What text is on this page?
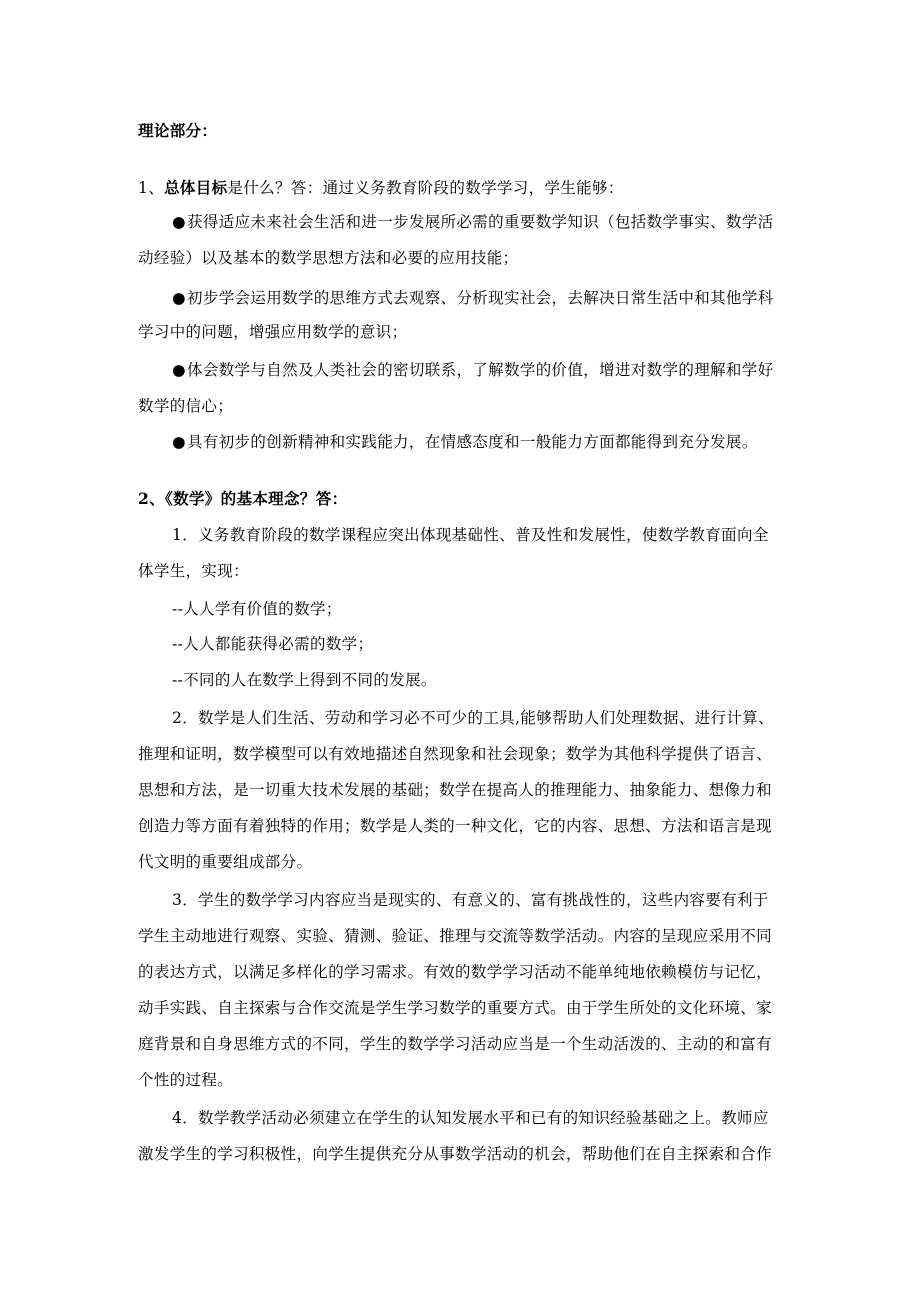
理论部分：
1、总体目标是什么？答：通过义务教育阶段的数学学习，学生能够：
●获得适应未来社会生活和进一步发展所必需的重要数学知识（包括数学事实、数学活
动经验）以及基本的数学思想方法和必要的应用技能；
●初步学会运用数学的思维方式去观察、分析现实社会，去解决日常生活中和其他学科
学习中的问题，增强应用数学的意识；
●体会数学与自然及人类社会的密切联系，了解数学的价值，增进对数学的理解和学好
数学的信心；
●具有初步的创新精神和实践能力，在情感态度和一般能力方面都能得到充分发展。
2、《数学》的基本理念？答：
1．义务教育阶段的数学课程应突出体现基础性、普及性和发展性，使数学教育面向全
体学生，实现：
--人人学有价值的数学；
--人人都能获得必需的数学；
--不同的人在数学上得到不同的发展。
2．数学是人们生活、劳动和学习必不可少的工具,能够帮助人们处理数据、进行计算、
推理和证明，数学模型可以有效地描述自然现象和社会现象；数学为其他科学提供了语言、
思想和方法，是一切重大技术发展的基础；数学在提高人的推理能力、抽象能力、想像力和
创造力等方面有着独特的作用；数学是人类的一种文化，它的内容、思想、方法和语言是现
代文明的重要组成部分。
3．学生的数学学习内容应当是现实的、有意义的、富有挑战性的，这些内容要有利于
学生主动地进行观察、实验、猜测、验证、推理与交流等数学活动。内容的呈现应采用不同
的表达方式，以满足多样化的学习需求。有效的数学学习活动不能单纯地依赖模仿与记忆，
动手实践、自主探索与合作交流是学生学习数学的重要方式。由于学生所处的文化环境、家
庭背景和自身思维方式的不同，学生的数学学习活动应当是一个生动活泼的、主动的和富有
个性的过程。
4．数学教学活动必须建立在学生的认知发展水平和已有的知识经验基础之上。教师应
激发学生的学习积极性，向学生提供充分从事数学活动的机会，帮助他们在自主探索和合作
